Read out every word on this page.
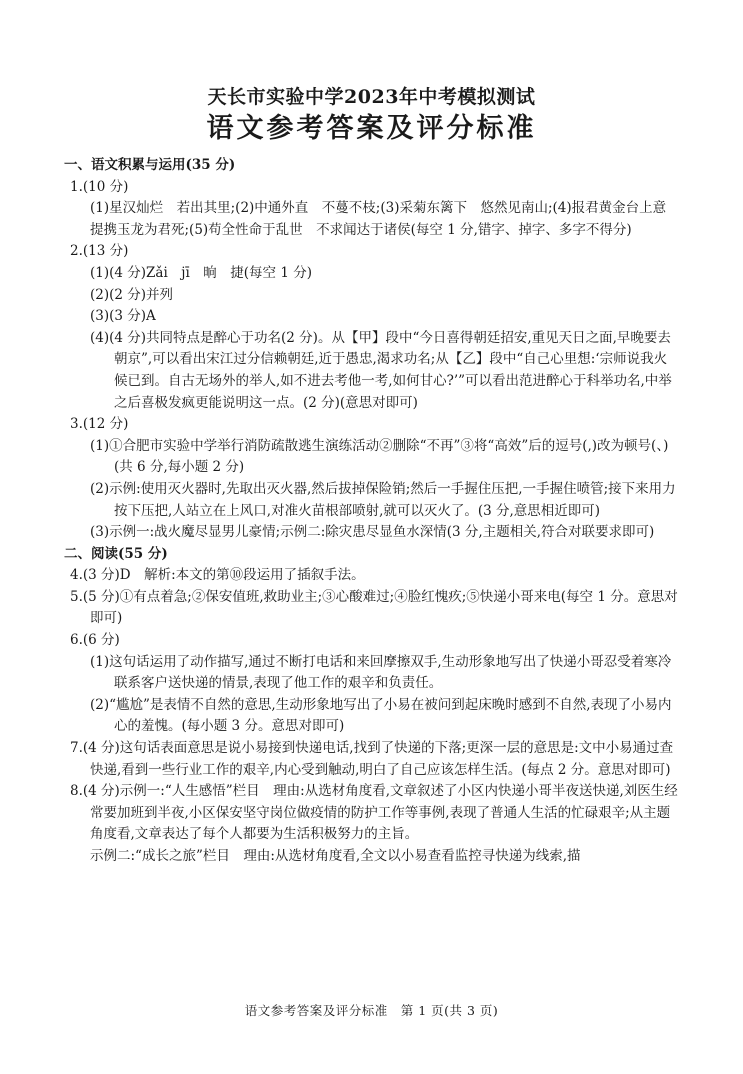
天长市实验中学2023年中考模拟测试
语文参考答案及评分标准
一、语文积累与运用(35 分)
1.(10 分)
(1)星汉灿烂　若出其里;(2)中通外直　不蔓不枝;(3)采菊东篱下　悠然见南山;(4)报君黄金台上意　提携玉龙为君死;(5)苟全性命于乱世　不求闻达于诸侯(每空 1 分,错字、掉字、多字不得分)
2.(13 分)
(1)(4 分)Zǎi　jī　晌　捷(每空 1 分)
(2)(2 分)并列
(3)(3 分)A
(4)(4 分)共同特点是醉心于功名(2 分)。从【甲】段中“今日喜得朝廷招安,重见天日之面,早晚要去朝京”,可以看出宋江过分信赖朝廷,近于愚忠,渴求功名;从【乙】段中“自己心里想:‘宗师说我火候已到。自古无场外的举人,如不进去考他一考,如何甘心?’”可以看出范进醉心于科举功名,中举之后喜极发疯更能说明这一点。(2 分)(意思对即可)
3.(12 分)
(1)①合肥市实验中学举行消防疏散逃生演练活动②删除“不再”③将“高效”后的逗号(,)改为顿号(、)(共 6 分,每小题 2 分)
(2)示例:使用灭火器时,先取出灭火器,然后拔掉保险销;然后一手握住压把,一手握住喷管;接下来用力按下压把,人站立在上风口,对准火苗根部喷射,就可以灭火了。(3 分,意思相近即可)
(3)示例一:战火魔尽显男儿豪情;示例二:除灾患尽显鱼水深情(3 分,主题相关,符合对联要求即可)
二、阅读(55 分)
4.(3 分)D　解析:本文的第⑩段运用了插叙手法。
5.(5 分)①有点着急;②保安值班,救助业主;③心酸难过;④脸红愧疚;⑤快递小哥来电(每空 1 分。意思对即可)
6.(6 分)
(1)这句话运用了动作描写,通过不断打电话和来回摩擦双手,生动形象地写出了快递小哥忍受着寒冷联系客户送快递的情景,表现了他工作的艰辛和负责任。
(2)“尴尬”是表情不自然的意思,生动形象地写出了小易在被问到起床晚时感到不自然,表现了小易内心的羞愧。(每小题 3 分。意思对即可)
7.(4 分)这句话表面意思是说小易接到快递电话,找到了快递的下落;更深一层的意思是:文中小易通过查快递,看到一些行业工作的艰辛,内心受到触动,明白了自己应该怎样生活。(每点 2 分。意思对即可)
8.(4 分)示例一:“人生感悟”栏目　理由:从选材角度看,文章叙述了小区内快递小哥半夜送快递,刘医生经常要加班到半夜,小区保安坚守岗位做疫情的防护工作等事例,表现了普通人生活的忙碌艰辛;从主题角度看,文章表达了每个人都要为生活积极努力的主旨。
示例二:“成长之旅”栏目　理由:从选材角度看,全文以小易查看监控寻快递为线索,描
语文参考答案及评分标准　第 1 页(共 3 页)
